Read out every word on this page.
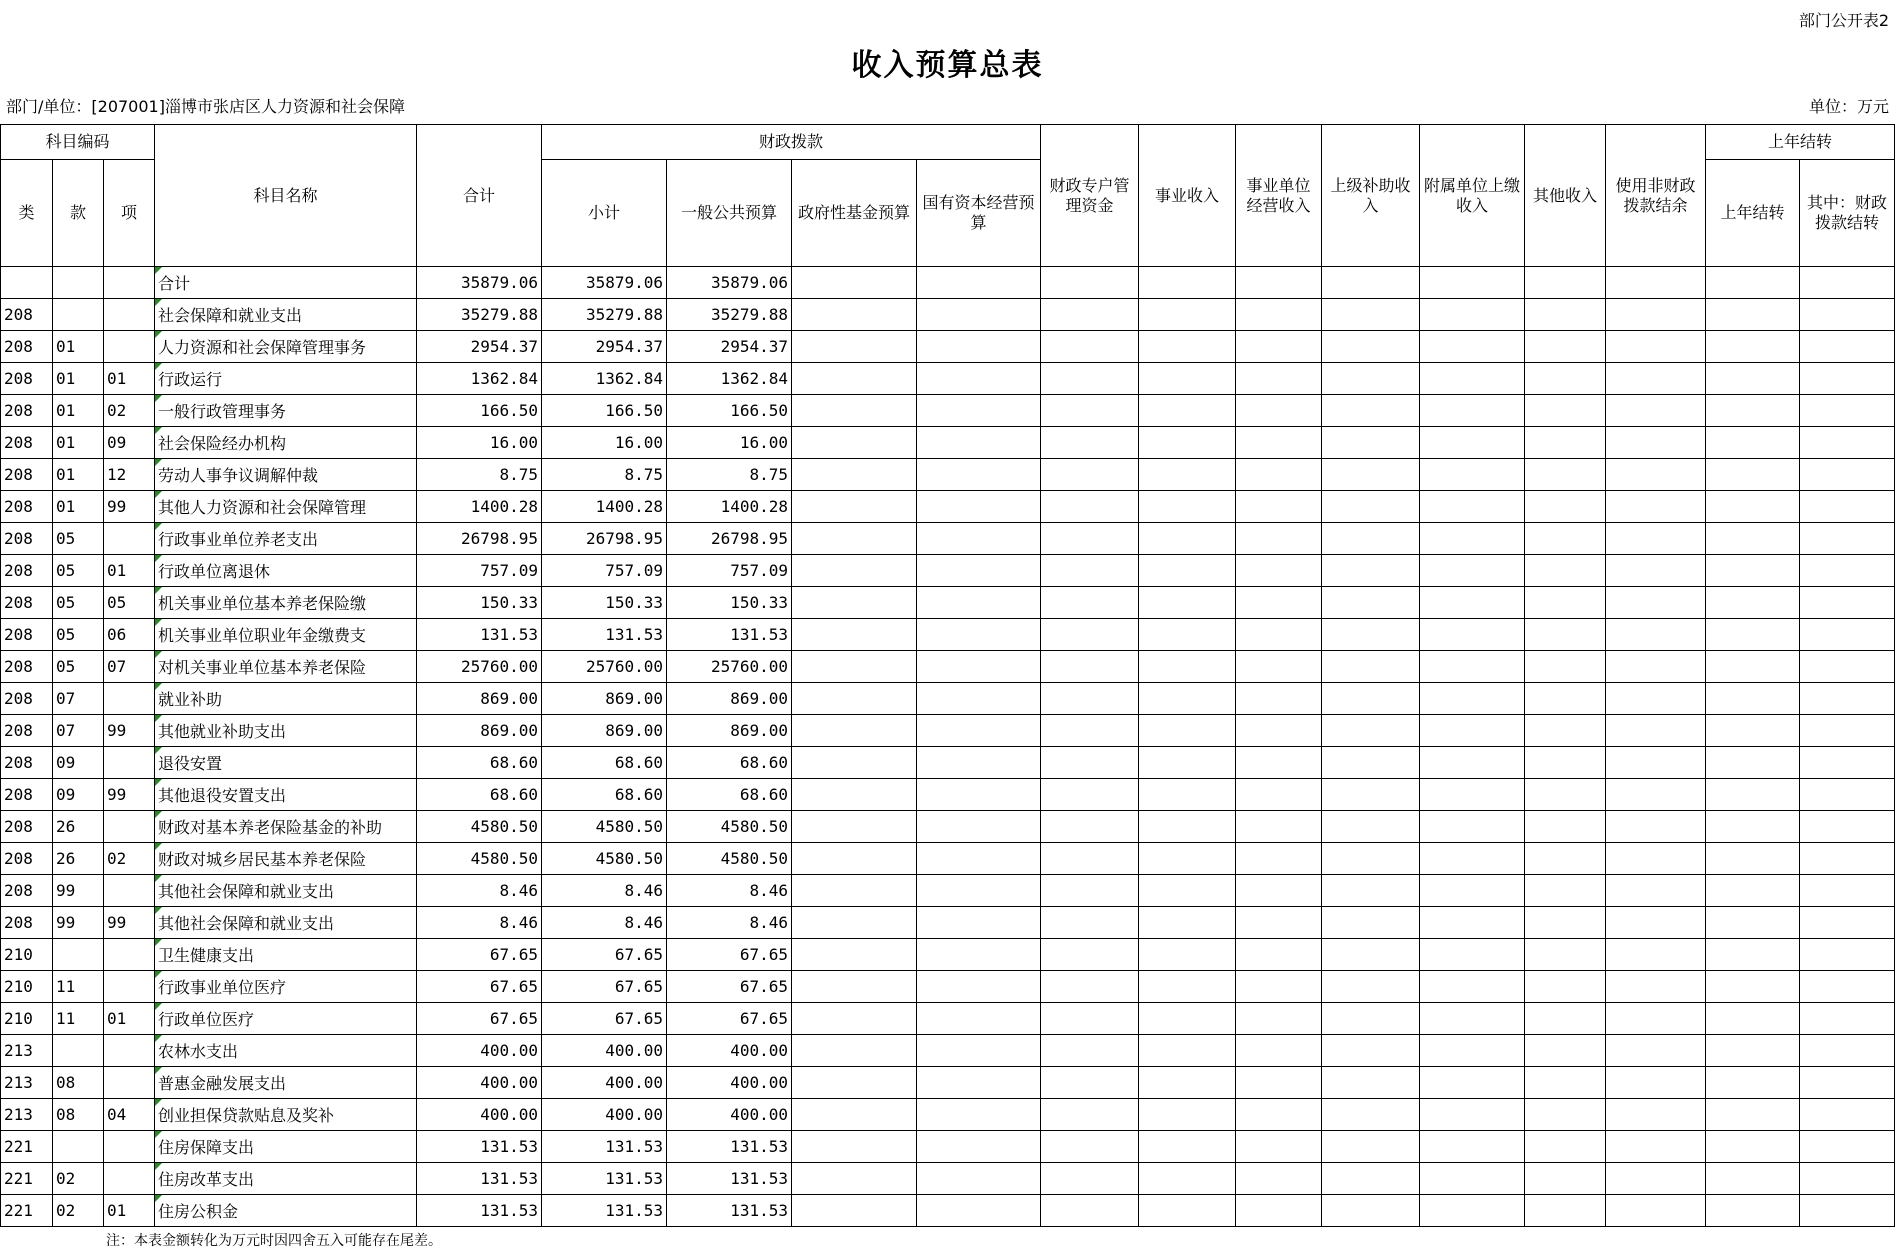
部门公开表2
收入预算总表
部门/单位：[207001]淄博市张店区人力资源和社会保障	单位：万元
科目编码			科目名称	合计	财政拨款				财政专户管理资金	事业收入	事业单位经营收入	上级补助收入	附属单位上缴收入	其他收入	使用非财政拨款结余	上年结转	
类	款	项			小计	一般公共预算	政府性基金预算	国有资本经营预算								上年结转	其中：财政拨款结转
			合计	35879.06	35879.06	35879.06											
208			社会保障和就业支出	35279.88	35279.88	35279.88											
208	01		人力资源和社会保障管理事务	2954.37	2954.37	2954.37											
208	01	01	行政运行	1362.84	1362.84	1362.84											
208	01	02	一般行政管理事务	166.50	166.50	166.50											
208	01	09	社会保险经办机构	16.00	16.00	16.00											
208	01	12	劳动人事争议调解仲裁	8.75	8.75	8.75											
208	01	99	其他人力资源和社会保障管理	1400.28	1400.28	1400.28											
208	05		行政事业单位养老支出	26798.95	26798.95	26798.95											
208	05	01	行政单位离退休	757.09	757.09	757.09											
208	05	05	机关事业单位基本养老保险缴	150.33	150.33	150.33											
208	05	06	机关事业单位职业年金缴费支	131.53	131.53	131.53											
208	05	07	对机关事业单位基本养老保险	25760.00	25760.00	25760.00											
208	07		就业补助	869.00	869.00	869.00											
208	07	99	其他就业补助支出	869.00	869.00	869.00											
208	09		退役安置	68.60	68.60	68.60											
208	09	99	其他退役安置支出	68.60	68.60	68.60											
208	26		财政对基本养老保险基金的补助	4580.50	4580.50	4580.50											
208	26	02	财政对城乡居民基本养老保险	4580.50	4580.50	4580.50											
208	99		其他社会保障和就业支出	8.46	8.46	8.46											
208	99	99	其他社会保障和就业支出	8.46	8.46	8.46											
210			卫生健康支出	67.65	67.65	67.65											
210	11		行政事业单位医疗	67.65	67.65	67.65											
210	11	01	行政单位医疗	67.65	67.65	67.65											
213			农林水支出	400.00	400.00	400.00											
213	08		普惠金融发展支出	400.00	400.00	400.00											
213	08	04	创业担保贷款贴息及奖补	400.00	400.00	400.00											
221			住房保障支出	131.53	131.53	131.53											
221	02		住房改革支出	131.53	131.53	131.53											
221	02	01	住房公积金	131.53	131.53	131.53											
注：本表金额转化为万元时因四舍五入可能存在尾差。
